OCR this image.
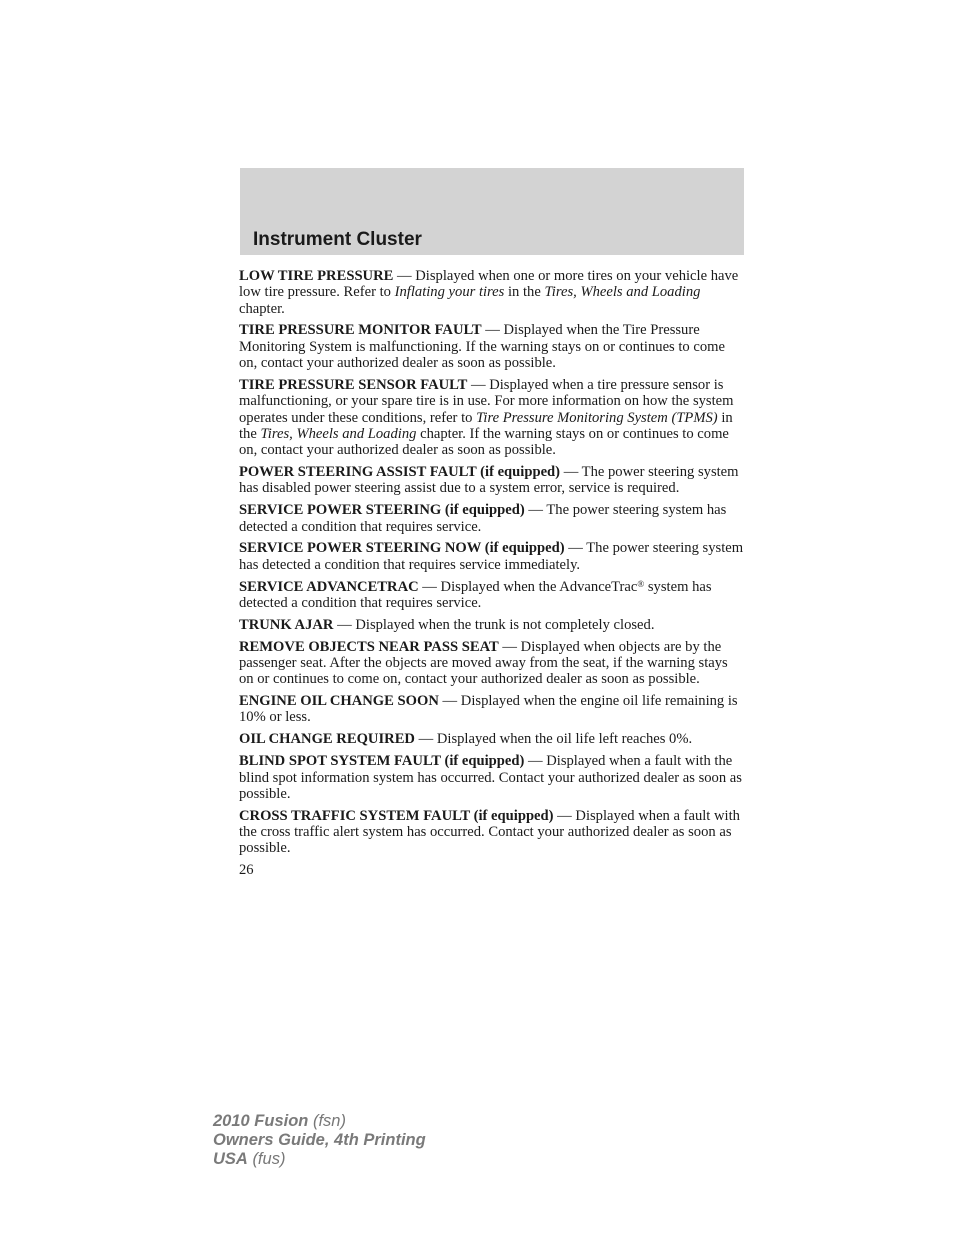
Instrument Cluster

LOW TIRE PRESSURE — Displayed when one or more tires on your vehicle have low tire pressure. Refer to Inflating your tires in the Tires, Wheels and Loading chapter.

TIRE PRESSURE MONITOR FAULT — Displayed when the Tire Pressure Monitoring System is malfunctioning. If the warning stays on or continues to come on, contact your authorized dealer as soon as possible.

TIRE PRESSURE SENSOR FAULT — Displayed when a tire pressure sensor is malfunctioning, or your spare tire is in use. For more information on how the system operates under these conditions, refer to Tire Pressure Monitoring System (TPMS) in the Tires, Wheels and Loading chapter. If the warning stays on or continues to come on, contact your authorized dealer as soon as possible.

POWER STEERING ASSIST FAULT (if equipped) — The power steering system has disabled power steering assist due to a system error, service is required.

SERVICE POWER STEERING (if equipped) — The power steering system has detected a condition that requires service.

SERVICE POWER STEERING NOW (if equipped) — The power steering system has detected a condition that requires service immediately.

SERVICE ADVANCETRAC — Displayed when the AdvanceTrac® system has detected a condition that requires service.

TRUNK AJAR — Displayed when the trunk is not completely closed.

REMOVE OBJECTS NEAR PASS SEAT — Displayed when objects are by the passenger seat. After the objects are moved away from the seat, if the warning stays on or continues to come on, contact your authorized dealer as soon as possible.

ENGINE OIL CHANGE SOON — Displayed when the engine oil life remaining is 10% or less.

OIL CHANGE REQUIRED — Displayed when the oil life left reaches 0%.

BLIND SPOT SYSTEM FAULT (if equipped) — Displayed when a fault with the blind spot information system has occurred. Contact your authorized dealer as soon as possible.

CROSS TRAFFIC SYSTEM FAULT (if equipped) — Displayed when a fault with the cross traffic alert system has occurred. Contact your authorized dealer as soon as possible.

26

2010 Fusion (fsn)
Owners Guide, 4th Printing
USA (fus)
